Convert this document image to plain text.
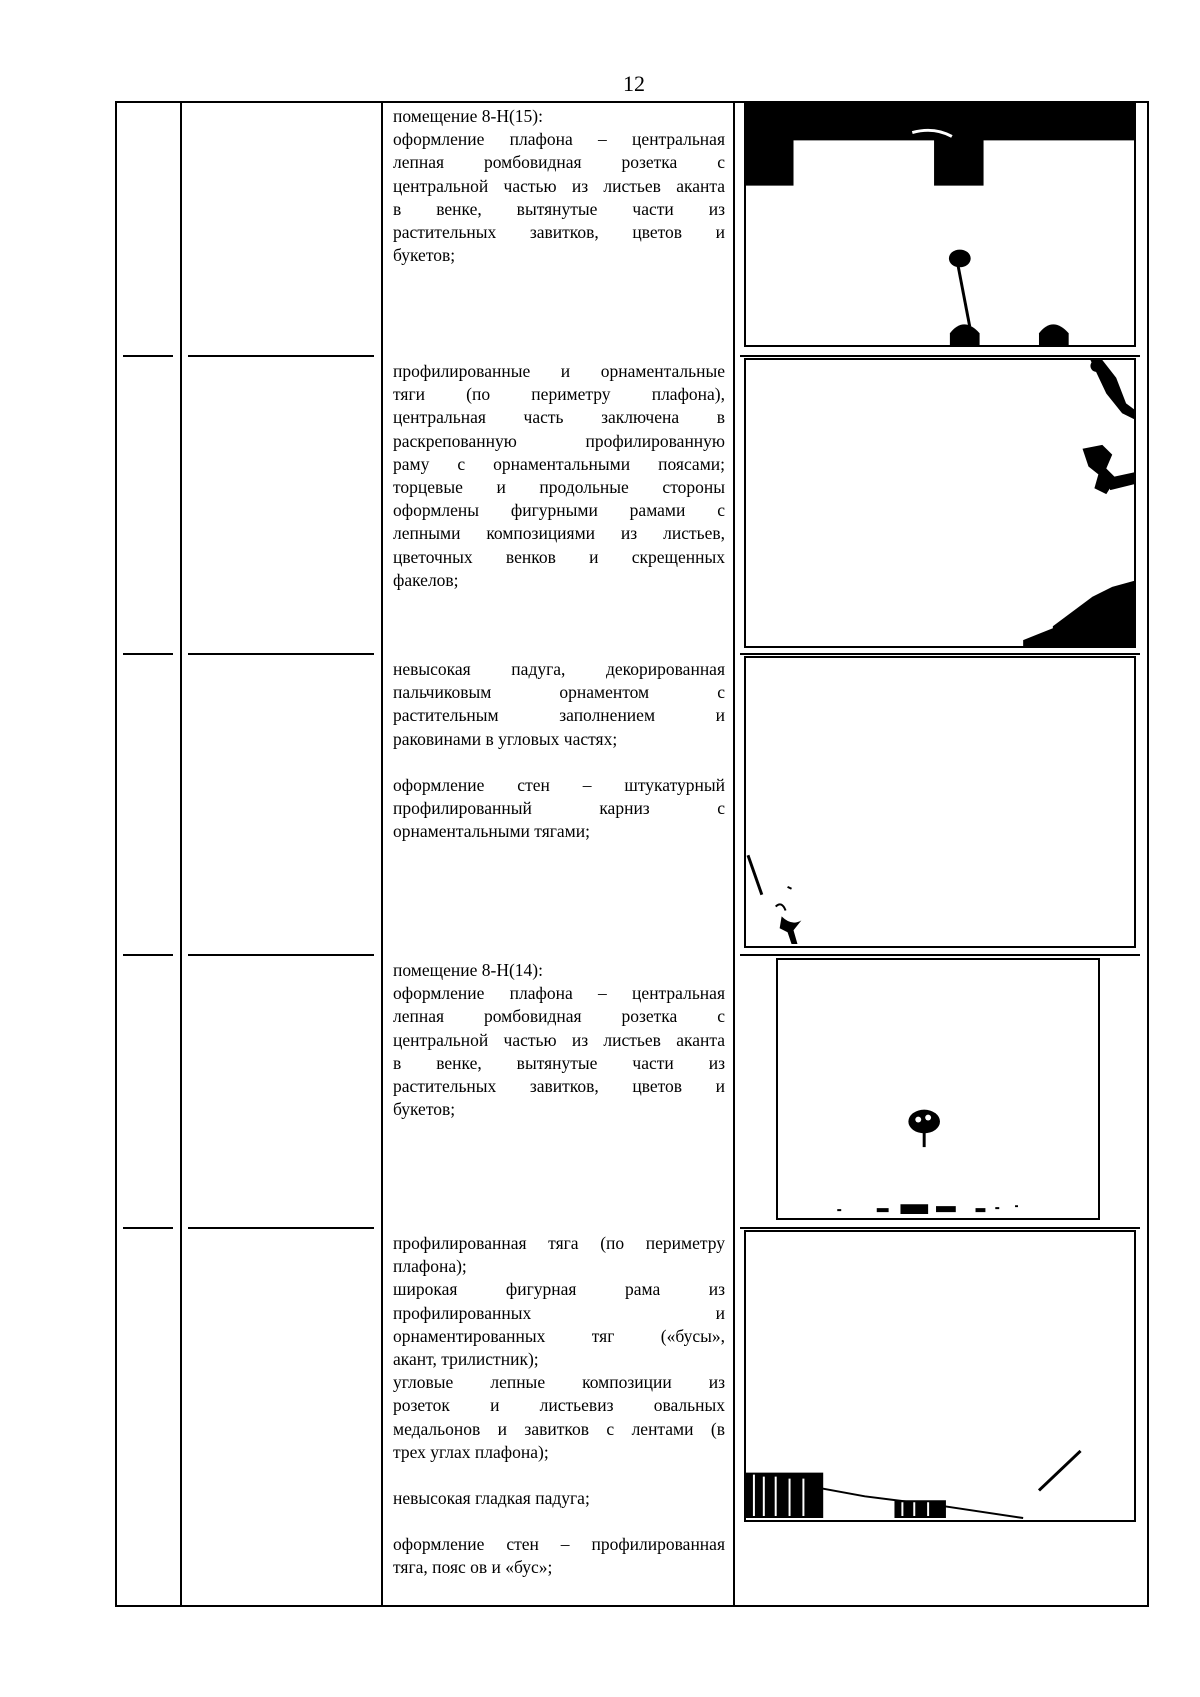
12
помещение 8-Н(15):
оформление плафона – центральная
лепная ромбовидная розетка с
центральной частью из листьев аканта
в венке, вытянутые части из
растительных завитков, цветов и
букетов;
профилированные и орнаментальные
тяги (по периметру плафона),
центральная часть заключена в
раскрепованную профилированную
раму с орнаментальными поясами;
торцевые и продольные стороны
оформлены фигурными рамами с
лепными композициями из листьев,
цветочных венков и скрещенных
факелов;
невысокая падуга, декорированная
пальчиковым орнаментом с
растительным заполнением и
раковинами в угловых частях;
оформление стен – штукатурный
профилированный карниз с
орнаментальными тягами;
помещение 8-Н(14):
оформление плафона – центральная
лепная ромбовидная розетка с
центральной частью из листьев аканта
в венке, вытянутые части из
растительных завитков, цветов и
букетов;
профилированная тяга (по периметру
плафона);
широкая фигурная рама из
профилированных и
орнаментированных тяг («бусы»,
акант, трилистник);
угловые лепные композиции из
розеток и листьевиз овальных
медальонов и завитков с лентами (в
трех углах плафона);
невысокая гладкая падуга;
оформление стен – профилированная
тяга, пояс ов и «бус»;
